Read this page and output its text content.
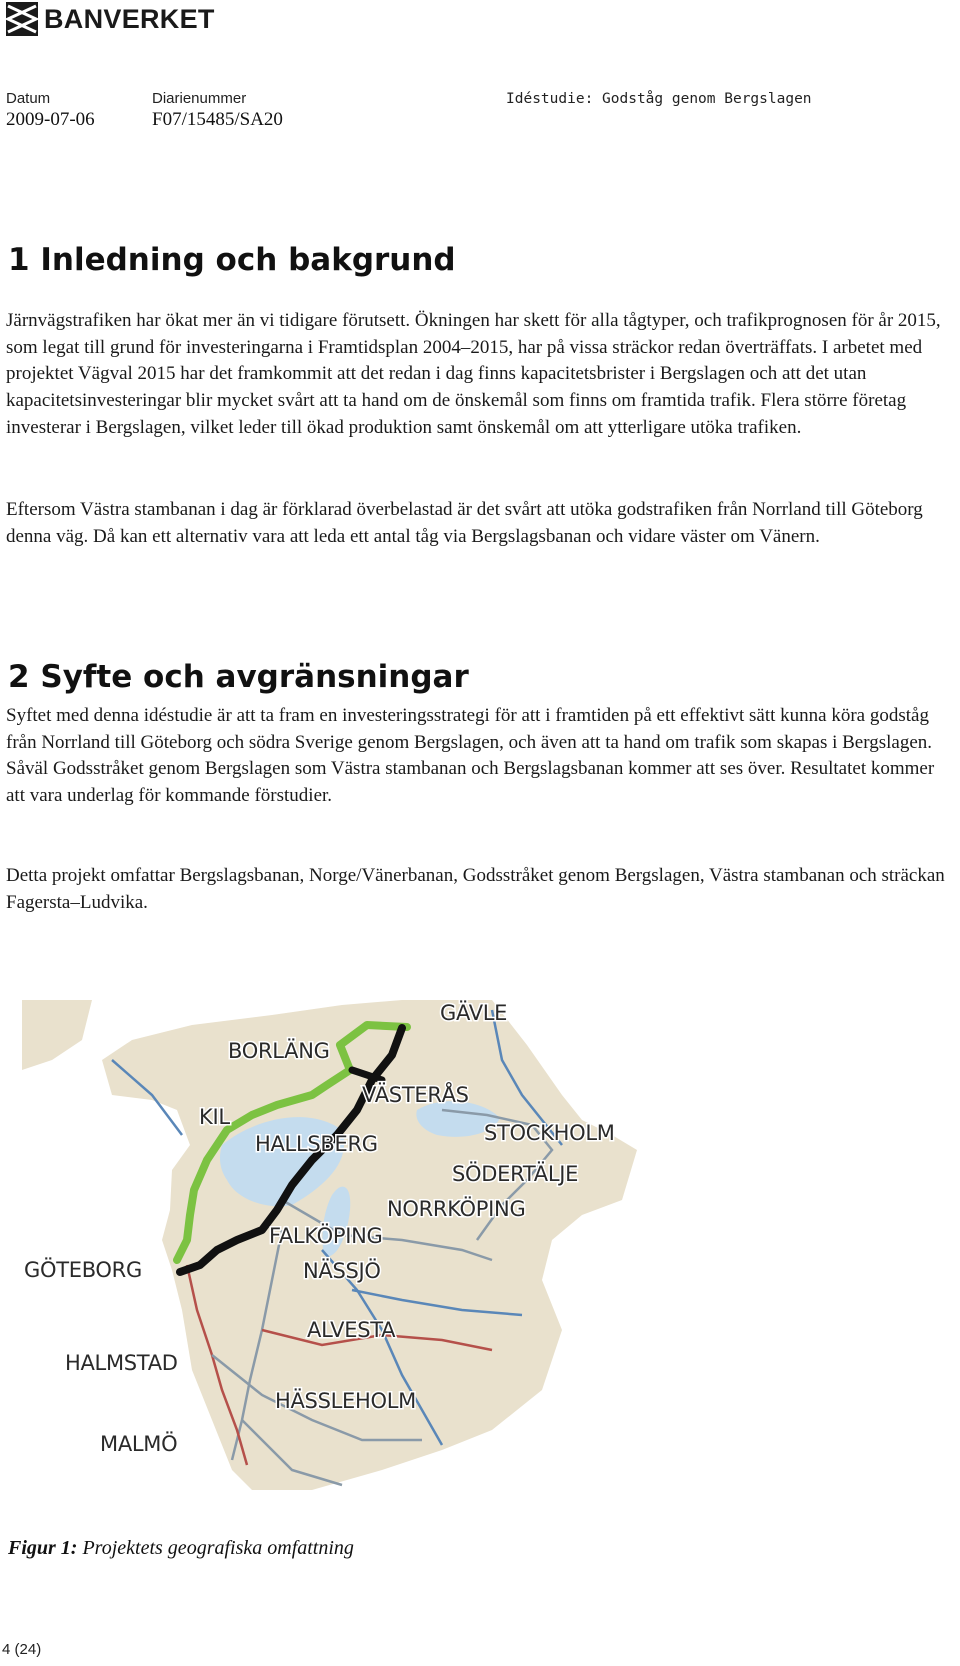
BANVERKET
Datum
2009-07-06
Diarienummer
F07/15485/SA20
Idéstudie: Godståg genom Bergslagen
1 Inledning och bakgrund

Järnvägstrafiken har ökat mer än vi tidigare förutsett. Ökningen har skett för alla tågtyper, och trafikprognosen för år 2015, som legat till grund för investeringarna i Framtidsplan 2004–2015, har på vissa sträckor redan överträffats. I arbetet med projektet Vägval 2015 har det framkommit att det redan i dag finns kapacitetsbrister i Bergslagen och att det utan kapacitetsinvesteringar blir mycket svårt att ta hand om de önskemål som finns om framtida trafik. Flera större företag investerar i Bergslagen, vilket leder till ökad produktion samt önskemål om att ytterligare utöka trafiken.

Eftersom Västra stambanan i dag är förklarad överbelastad är det svårt att utöka godstrafiken från Norrland till Göteborg denna väg. Då kan ett alternativ vara att leda ett antal tåg via Bergslagsbanan och vidare väster om Vänern.

2 Syfte och avgränsningar

Syftet med denna idéstudie är att ta fram en investeringsstrategi för att i framtiden på ett effektivt sätt kunna köra godståg från Norrland till Göteborg och södra Sverige genom Bergslagen, och även att ta hand om trafik som skapas i Bergslagen. Såväl Godsstråket genom Bergslagen som Västra stambanan och Bergslagsbanan kommer att ses över. Resultatet kommer att vara underlag för kommande förstudier.

Detta projekt omfattar Bergslagsbanan, Norge/Vänerbanan, Godsstråket genom Bergslagen, Västra stambanan och sträckan Fagersta–Ludvika.

GÄVLE
BORLÄNG
VÄSTERÅS
KIL
STOCKHOLM
HALLSBERG
SÖDERTÄLJE
NORRKÖPING
FALKÖPING
GÖTEBORG	NÄSSJÖ
ALVESTA
HALMSTAD
HÄSSLEHOLM
MALMÖ
Figur 1: Projektets geografiska omfattning
4 (24)
